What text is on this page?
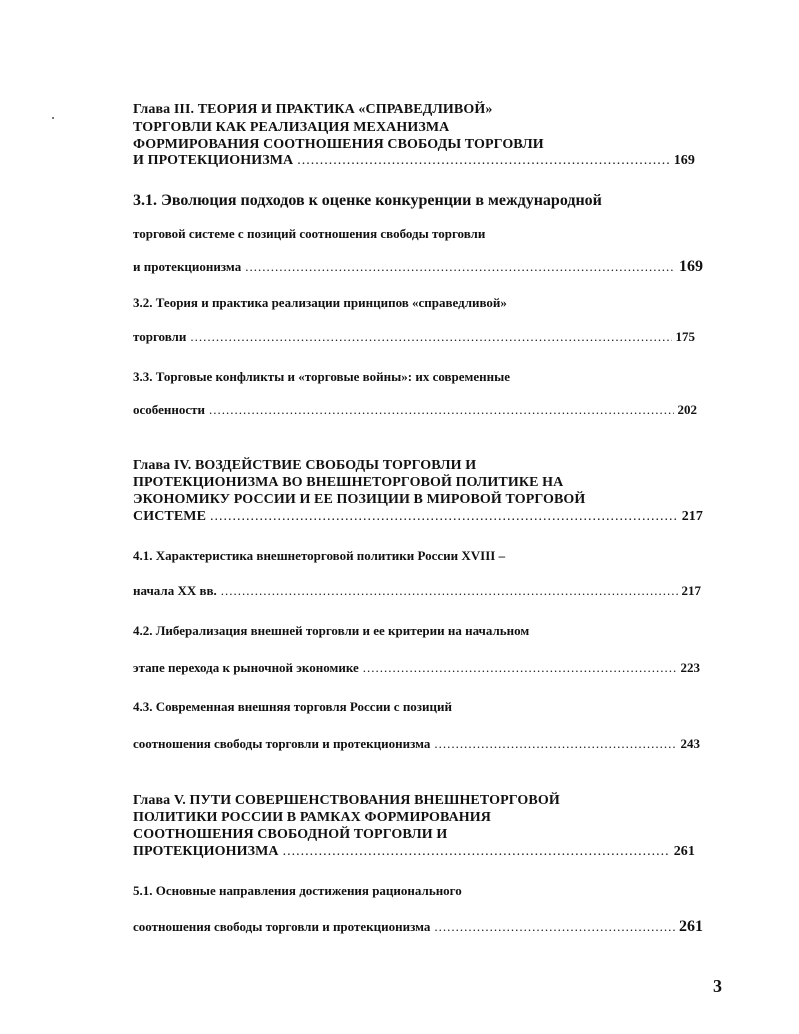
Глава III. ТЕОРИЯ И ПРАКТИКА «СПРАВЕДЛИВОЙ»
ТОРГОВЛИ КАК РЕАЛИЗАЦИЯ МЕХАНИЗМА
ФОРМИРОВАНИЯ СООТНОШЕНИЯ СВОБОДЫ ТОРГОВЛИ
И ПРОТЕКЦИОНИЗМА .....	169
3.1. Эволюция подходов к оценке конкуренции в международной
торговой системе с позиций соотношения свободы торговли
и протекционизма .....	169
3.2. Теория и практика реализации принципов «справедливой»
торговли .....	175
3.3. Торговые конфликты и «торговые войны»: их современные
особенности .....	202
Глава IV. ВОЗДЕЙСТВИЕ СВОБОДЫ ТОРГОВЛИ И
ПРОТЕКЦИОНИЗМА ВО ВНЕШНЕТОРГОВОЙ ПОЛИТИКЕ НА
ЭКОНОМИКУ РОССИИ И ЕЕ ПОЗИЦИИ В МИРОВОЙ ТОРГОВОЙ
СИСТЕМЕ .....	217
4.1. Характеристика внешнеторговой политики России XVIII –
начала XX вв. .....	217
4.2. Либерализация внешней торговли и ее критерии на начальном
этапе перехода к рыночной экономике .....	223
4.3. Современная внешняя торговля России с позиций
соотношения свободы торговли и протекционизма .....	243
Глава V. ПУТИ СОВЕРШЕНСТВОВАНИЯ ВНЕШНЕТОРГОВОЙ
ПОЛИТИКИ РОССИИ В РАМКАХ ФОРМИРОВАНИЯ
СООТНОШЕНИЯ СВОБОДНОЙ ТОРГОВЛИ И
ПРОТЕКЦИОНИЗМА .....	261
5.1. Основные направления достижения рационального
соотношения свободы торговли и протекционизма .....	261
3
